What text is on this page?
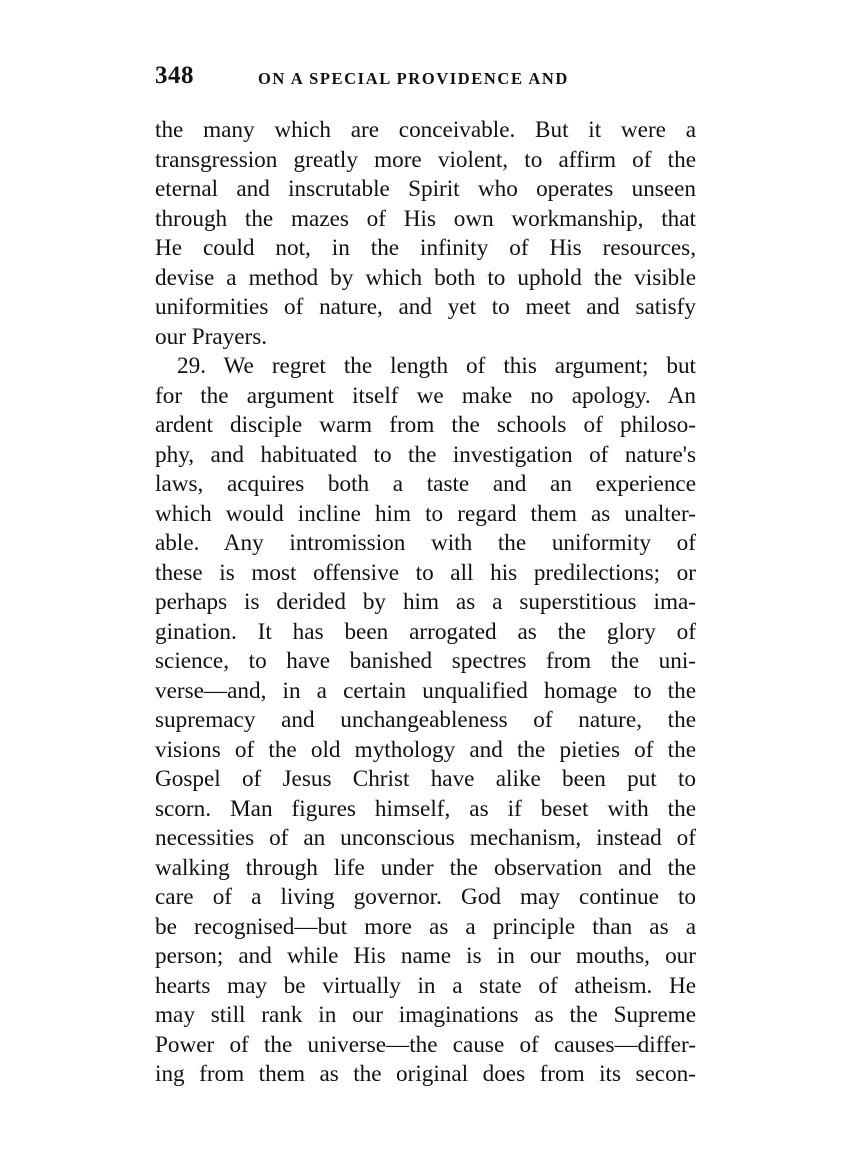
348	ON A SPECIAL PROVIDENCE AND
the many which are conceivable. But it were a
transgression greatly more violent, to affirm of the
eternal and inscrutable Spirit who operates unseen
through the mazes of His own workmanship, that
He could not, in the infinity of His resources,
devise a method by which both to uphold the visible
uniformities of nature, and yet to meet and satisfy
our Prayers.
29. We regret the length of this argument; but
for the argument itself we make no apology. An
ardent disciple warm from the schools of philoso-
phy, and habituated to the investigation of nature's
laws, acquires both a taste and an experience
which would incline him to regard them as unalter-
able. Any intromission with the uniformity of
these is most offensive to all his predilections; or
perhaps is derided by him as a superstitious ima-
gination. It has been arrogated as the glory of
science, to have banished spectres from the uni-
verse—and, in a certain unqualified homage to the
supremacy and unchangeableness of nature, the
visions of the old mythology and the pieties of the
Gospel of Jesus Christ have alike been put to
scorn. Man figures himself, as if beset with the
necessities of an unconscious mechanism, instead of
walking through life under the observation and the
care of a living governor. God may continue to
be recognised—but more as a principle than as a
person; and while His name is in our mouths, our
hearts may be virtually in a state of atheism. He
may still rank in our imaginations as the Supreme
Power of the universe—the cause of causes—differ-
ing from them as the original does from its secon-
